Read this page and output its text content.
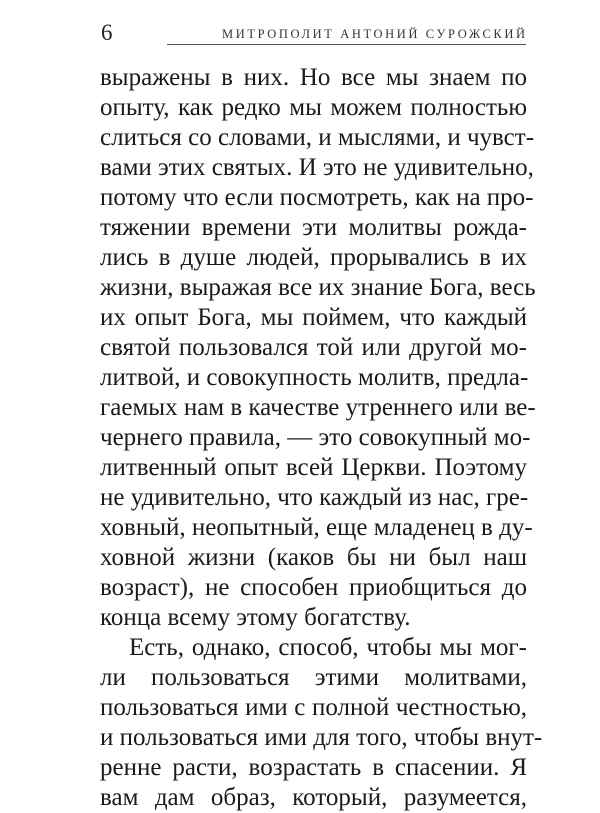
6	МИТРОПОЛИТ АНТОНИЙ СУРОЖСКИЙ
выражены в них. Но все мы знаем по
опыту, как редко мы можем полностью
слиться со словами, и мыслями, и чувст-
вами этих святых. И это не удивительно,
потому что если посмотреть, как на про-
тяжении времени эти молитвы рожда-
лись в душе людей, прорывались в их
жизни, выражая все их знание Бога, весь
их опыт Бога, мы поймем, что каждый
святой пользовался той или другой мо-
литвой, и совокупность молитв, предла-
гаемых нам в качестве утреннего или ве-
чернего правила, — это совокупный мо-
литвенный опыт всей Церкви. Поэтому
не удивительно, что каждый из нас, гре-
ховный, неопытный, еще младенец в ду-
ховной жизни (каков бы ни был наш
возраст), не способен приобщиться до
конца всему этому богатству.
Есть, однако, способ, чтобы мы мог-
ли пользоваться этими молитвами,
пользоваться ими с полной честностью,
и пользоваться ими для того, чтобы внут-
ренне расти, возрастать в спасении. Я
вам дам образ, который, разумеется,
